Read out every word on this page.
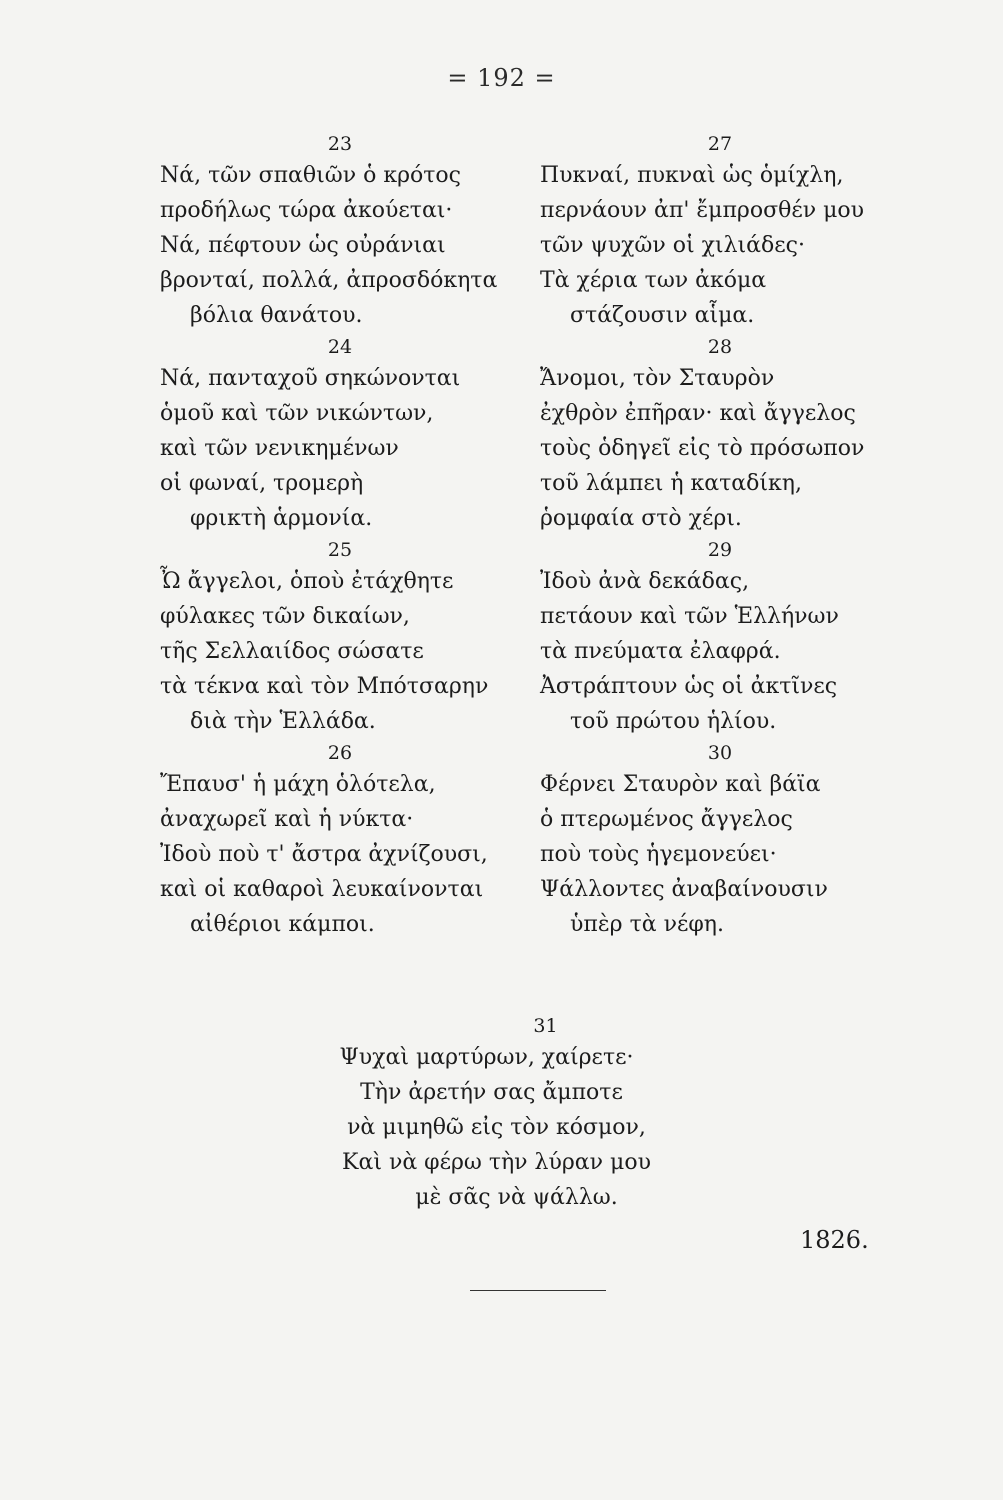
= 192 =
23
Νά, τῶν σπαθιῶν ὁ κρότος
προδήλως τώρα ἀκούεται·
Νά, πέφτουν ὡς οὐράνιαι
βρονταί, πολλά, ἀπροσδόκητα
βόλια θανάτου.
24
Νά, πανταχοῦ σηκώνονται
ὁμοῦ καὶ τῶν νικώντων,
καὶ τῶν νενικημένων
οἱ φωναί, τρομερὴ
φρικτὴ ἁρμονία.
25
Ὦ ἄγγελοι, ὁποὺ ἐτάχθητε
φύλακες τῶν δικαίων,
τῆς Σελλαιίδος σώσατε
τὰ τέκνα καὶ τὸν Μπότσαρην
διὰ τὴν Ἑλλάδα.
26
Ἔπαυσ' ἡ μάχη ὁλότελα,
ἀναχωρεῖ καὶ ἡ νύκτα·
Ἰδοὺ ποὺ τ' ἄστρα ἀχνίζουσι,
καὶ οἱ καθαροὶ λευκαίνονται
αἰθέριοι κάμποι.
27
Πυκναί, πυκναὶ ὡς ὁμίχλη,
περνάουν ἀπ' ἔμπροσθέν μου
τῶν ψυχῶν οἱ χιλιάδες·
Τὰ χέρια των ἀκόμα
στάζουσιν αἷμα.
28
Ἄνομοι, τὸν Σταυρὸν
ἐχθρὸν ἐπῆραν· καὶ ἄγγελος
τοὺς ὁδηγεῖ εἰς τὸ πρόσωπον
τοῦ λάμπει ἡ καταδίκη,
ῥομφαία στὸ χέρι.
29
Ἰδοὺ ἀνὰ δεκάδας,
πετάουν καὶ τῶν Ἑλλήνων
τὰ πνεύματα ἐλαφρά.
Ἀστράπτουν ὡς οἱ ἀκτῖνες
τοῦ πρώτου ἡλίου.
30
Φέρνει Σταυρὸν καὶ βάϊα
ὁ πτερωμένος ἄγγελος
ποὺ τοὺς ἡγεμονεύει·
Ψάλλοντες ἀναβαίνουσιν
ὑπὲρ τὰ νέφη.
31
Ψυχαὶ μαρτύρων, χαίρετε·
Τὴν ἀρετήν σας ἄμποτε
νὰ μιμηθῶ εἰς τὸν κόσμον,
Καὶ νὰ φέρω τὴν λύραν μου
μὲ σᾶς νὰ ψάλλω.
1826.
